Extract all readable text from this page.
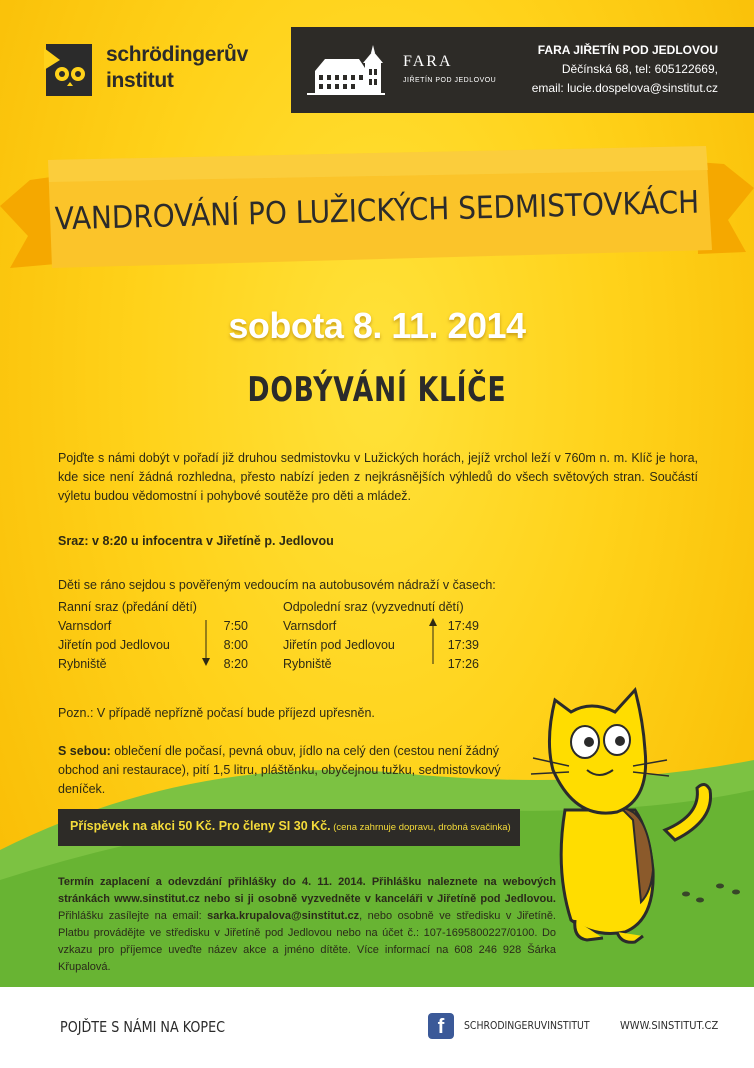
schrödingerův
institut
FARA
JIŘETÍN POD JEDLOVOU
FARA JIŘETÍN POD JEDLOVOU
Děčínská 68, tel: 605122669,
email: lucie.dospelova@sinstitut.cz
VANDROVÁNÍ PO LUŽICKÝCH SEDMISTOVKÁCH
sobota 8. 11. 2014
DOBÝVÁNÍ KLÍČE
Pojďte s námi dobýt v pořadí již druhou sedmistovku v Lužických horách, jejíž vrchol leží v 760m n. m. Klíč je hora, kde sice není žádná rozhledna, přesto nabízí jeden z nejkrásnějších výhledů do všech světových stran. Součástí výletu budou vědomostní i pohybové soutěže pro děti a mládež.
Sraz: v 8:20 u infocentra v Jiřetíně p. Jedlovou
Děti se ráno sejdou s pověřeným vedoucím na autobusovém nádraží v časech:
Ranní sraz (předání dětí)
Varnsdorf	7:50
Jiřetín pod Jedlovou	8:00
Rybniště	8:20
Odpolední sraz (vyzvednutí dětí)
Varnsdorf	17:49
Jiřetín pod Jedlovou	17:39
Rybniště	17:26
Pozn.: V případě nepřízně počasí bude příjezd upřesněn.
S sebou: oblečení dle počasí, pevná obuv, jídlo na celý den (cestou není žádný obchod ani restaurace), pití 1,5 litru, pláštěnku, obyčejnou tužku, sedmistovkový deníček.
Příspěvek na akci 50 Kč. Pro členy SI 30 Kč. (cena zahrnuje dopravu, drobná svačinka)
Termín zaplacení a odevzdání přihlášky do 4. 11. 2014. Přihlášku naleznete na webových stránkách www.sinstitut.cz nebo si ji osobně vyzvedněte v kanceláři v Jiřetíně pod Jedlovou. Přihlášku zasílejte na email: sarka.krupalova@sinstitut.cz, nebo osobně ve středisku v Jiřetíně. Platbu provádějte ve středisku v Jiřetíně pod Jedlovou nebo na účet č.: 107-1695800227/0100. Do vzkazu pro příjemce uveďte název akce a jméno dítěte. Více informací na 608 246 928 Šárka Křupalová.
POJĎTE S NÁMI NA KOPEC	f	SCHRODINGERUVINSTITUT	WWW.SINSTITUT.CZ
